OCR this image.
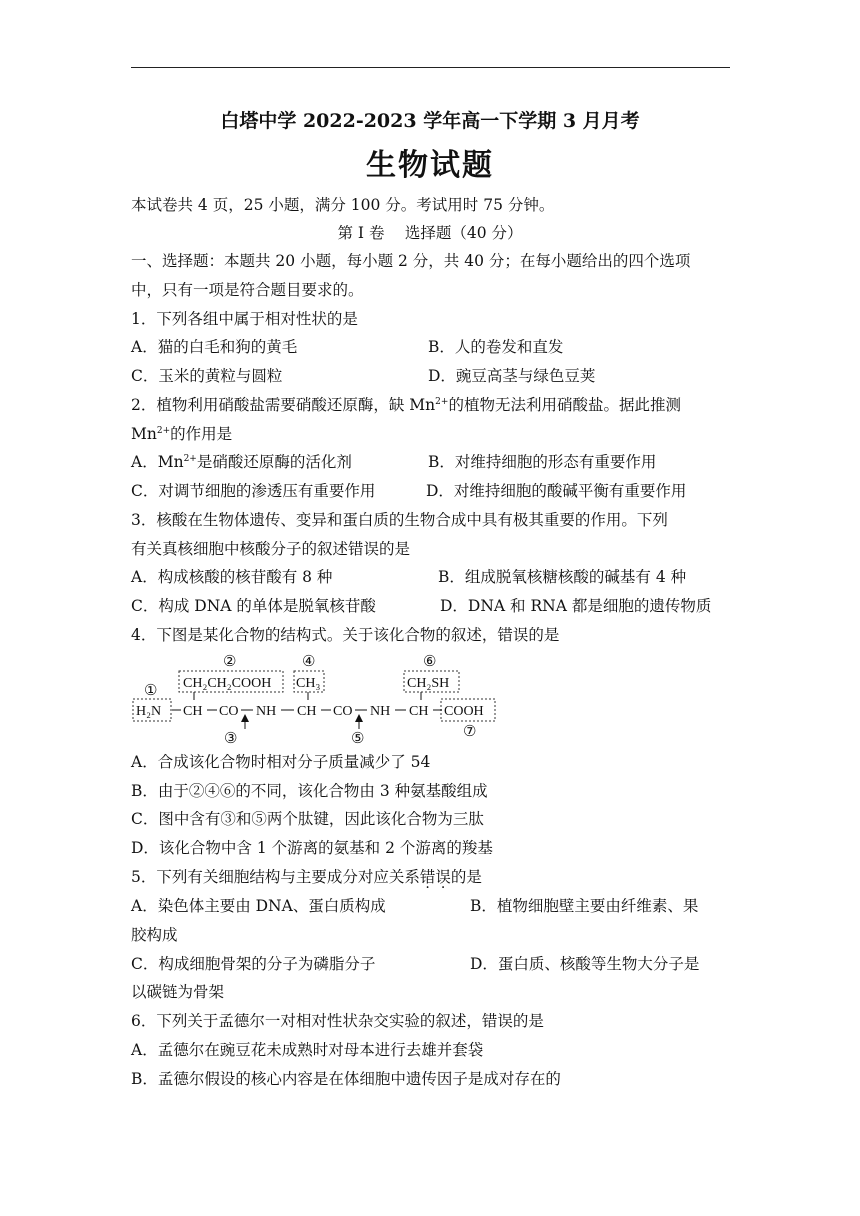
白塔中学 2022-2023 学年高一下学期 3 月月考
生物试题
本试卷共 4 页，25 小题，满分 100 分。考试用时 75 分钟。
第 I 卷　 选择题（40 分）
一、选择题：本题共 20 小题，每小题 2 分，共 40 分；在每小题给出的四个选项
中，只有一项是符合题目要求的。
1．下列各组中属于相对性状的是
A．猫的白毛和狗的黄毛	B．人的卷发和直发
C．玉米的黄粒与圆粒	D．豌豆高茎与绿色豆荚
2．植物利用硝酸盐需要硝酸还原酶，缺 $Mn^{2+}$的植物无法利用硝酸盐。据此推测
$Mn^{2+}$的作用是
A．$Mn^{2+}$是硝酸还原酶的活化剂	B．对维持细胞的形态有重要作用
C．对调节细胞的渗透压有重要作用	D．对维持细胞的酸碱平衡有重要作用
3．核酸在生物体遗传、变异和蛋白质的生物合成中具有极其重要的作用。下列
有关真核细胞中核酸分子的叙述错误的是
A．构成核酸的核苷酸有 8 种	B．组成脱氧核糖核酸的碱基有 4 种
C．构成 DNA 的单体是脱氧核苷酸	D．DNA 和 RNA 都是细胞的遗传物质
4．下图是某化合物的结构式。关于该化合物的叙述，错误的是
①
②	④	⑥
③	⑤	⑦
CH₂CH₂COOH CH₃	CH₂SH
H₂N CH CO NH CH CO NH CH COOH
A．合成该化合物时相对分子质量减少了 54
B．由于②④⑥的不同，该化合物由 3 种氨基酸组成
C．图中含有③和⑤两个肽键，因此该化合物为三肽
D．该化合物中含 1 个游离的氨基和 2 个游离的羧基
5．下列有关细胞结构与主要成分对应关系错误的是
A．染色体主要由 DNA、蛋白质构成	B．植物细胞壁主要由纤维素、果
胶构成
C．构成细胞骨架的分子为磷脂分子	D．蛋白质、核酸等生物大分子是
以碳链为骨架
6．下列关于孟德尔一对相对性状杂交实验的叙述，错误的是
A．孟德尔在豌豆花未成熟时对母本进行去雄并套袋
B．孟德尔假设的核心内容是在体细胞中遗传因子是成对存在的
